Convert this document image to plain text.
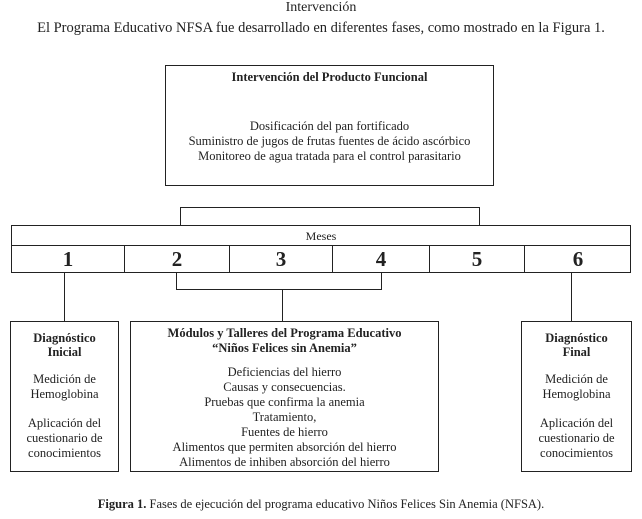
Intervención
El Programa Educativo NFSA fue desarrollado en diferentes fases, como mostrado en la Figura 1.
Intervención del Producto Funcional
Dosificación del pan fortificado
Suministro de jugos de frutas fuentes de ácido ascórbico
Monitoreo de agua tratada para el control parasitario
Meses
1	2	3	4	5	6
Diagnóstico
Inicial
Medición de
Hemoglobina
Aplicación del
cuestionario de
conocimientos
Módulos y Talleres del Programa Educativo
“Niños Felices sin Anemia”
Deficiencias del hierro
Causas y consecuencias.
Pruebas que confirma la anemia
Tratamiento,
Fuentes de hierro
Alimentos que permiten absorción del hierro
Alimentos de inhiben absorción del hierro
Diagnóstico
Final
Medición de
Hemoglobina
Aplicación del
cuestionario de
conocimientos
Figura 1. Fases de ejecución del programa educativo Niños Felices Sin Anemia (NFSA).
